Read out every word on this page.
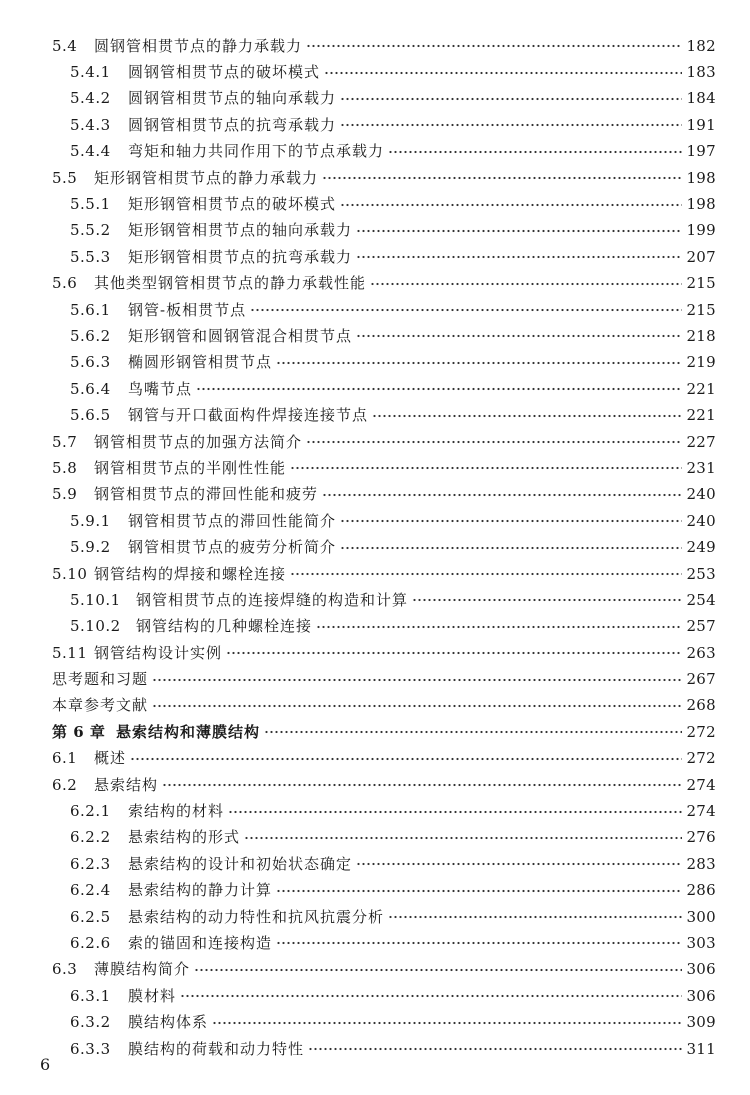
5.4	圆钢管相贯节点的静力承载力	182
5.4.1	圆钢管相贯节点的破坏模式	183
5.4.2	圆钢管相贯节点的轴向承载力	184
5.4.3	圆钢管相贯节点的抗弯承载力	191
5.4.4	弯矩和轴力共同作用下的节点承载力	197
5.5	矩形钢管相贯节点的静力承载力	198
5.5.1	矩形钢管相贯节点的破坏模式	198
5.5.2	矩形钢管相贯节点的轴向承载力	199
5.5.3	矩形钢管相贯节点的抗弯承载力	207
5.6	其他类型钢管相贯节点的静力承载性能	215
5.6.1	钢管-板相贯节点	215
5.6.2	矩形钢管和圆钢管混合相贯节点	218
5.6.3	椭圆形钢管相贯节点	219
5.6.4	鸟嘴节点	221
5.6.5	钢管与开口截面构件焊接连接节点	221
5.7	钢管相贯节点的加强方法简介	227
5.8	钢管相贯节点的半刚性性能	231
5.9	钢管相贯节点的滞回性能和疲劳	240
5.9.1	钢管相贯节点的滞回性能简介	240
5.9.2	钢管相贯节点的疲劳分析简介	249
5.10 钢管结构的焊接和螺栓连接	253
5.10.1	钢管相贯节点的连接焊缝的构造和计算	254
5.10.2	钢管结构的几种螺栓连接	257
5.11 钢管结构设计实例	263
思考题和习题	267
本章参考文献	268
第 6 章 悬索结构和薄膜结构	272
6.1	概述	272
6.2	悬索结构	274
6.2.1	索结构的材料	274
6.2.2	悬索结构的形式	276
6.2.3	悬索结构的设计和初始状态确定	283
6.2.4	悬索结构的静力计算	286
6.2.5	悬索结构的动力特性和抗风抗震分析	300
6.2.6	索的锚固和连接构造	303
6.3	薄膜结构简介	306
6.3.1	膜材料	306
6.3.2	膜结构体系	309
6.3.3	膜结构的荷载和动力特性	311
6
